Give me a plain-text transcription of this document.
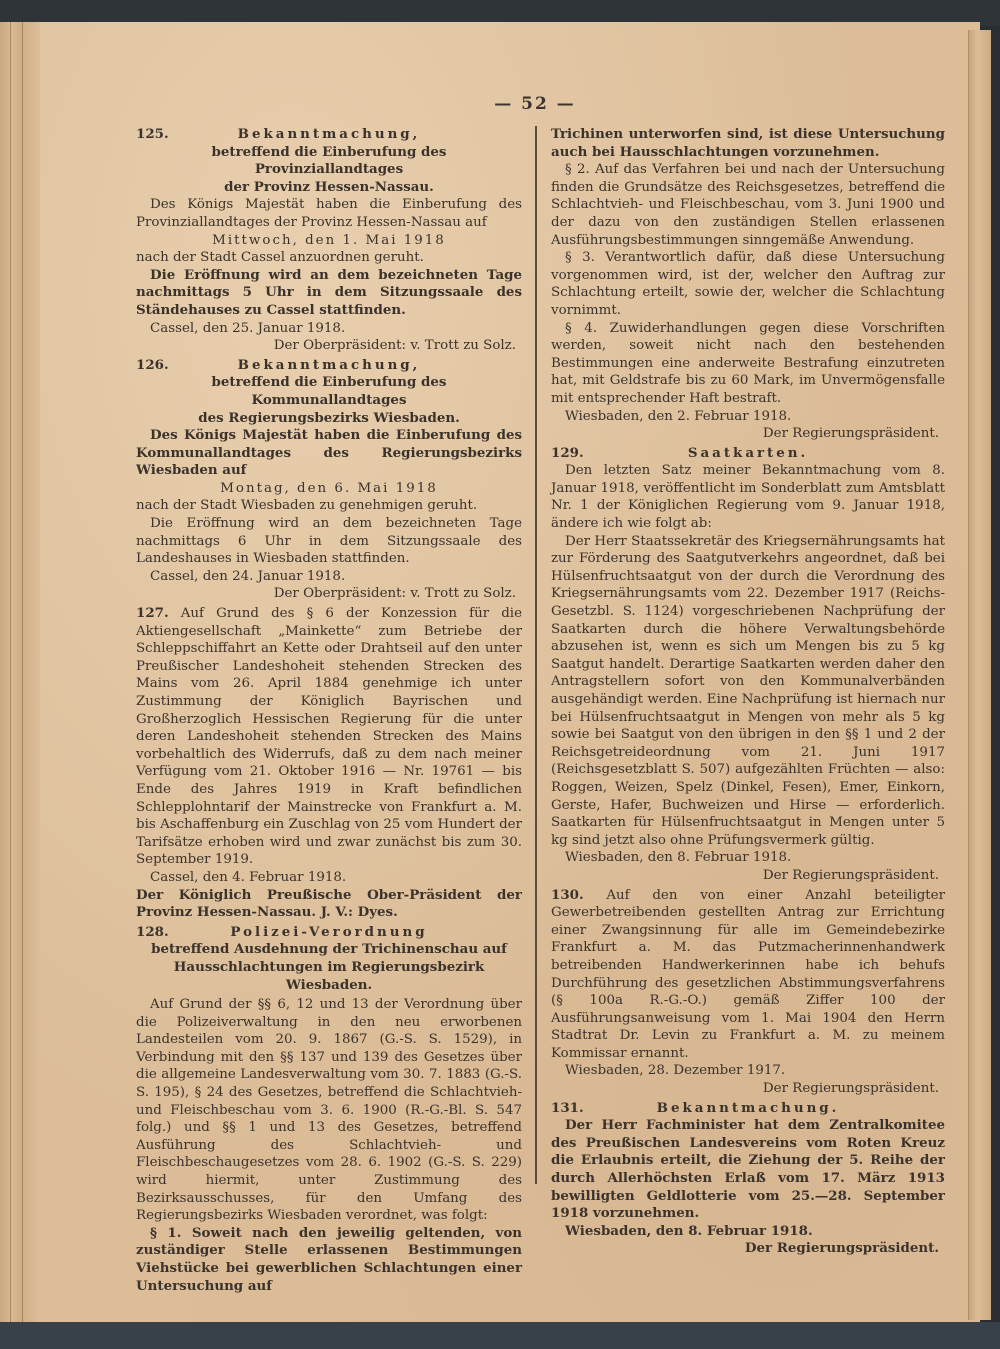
— 52 —
125.	Bekanntmachung,
betreffend die Einberufung des Provinziallandtages
der Provinz Hessen-Nassau.

Des Königs Majestät haben die Einberufung des Provinziallandtages der Provinz Hessen-Nassau auf

Mittwoch, den 1. Mai 1918

nach der Stadt Cassel anzuordnen geruht.

Die Eröffnung wird an dem bezeichneten Tage nachmittags 5 Uhr in dem Sitzungssaale des Ständehauses zu Cassel stattfinden.

Cassel, den 25. Januar 1918.

Der Oberpräsident: v. Trott zu Solz.

126.	Bekanntmachung,
betreffend die Einberufung des Kommunallandtages
des Regierungsbezirks Wiesbaden.

Des Königs Majestät haben die Einberufung des Kommunallandtages des Regierungsbezirks Wiesbaden auf

Montag, den 6. Mai 1918

nach der Stadt Wiesbaden zu genehmigen geruht.

Die Eröffnung wird an dem bezeichneten Tage nachmittags 6 Uhr in dem Sitzungssaale des Landeshauses in Wiesbaden stattfinden.

Cassel, den 24. Januar 1918.

Der Oberpräsident: v. Trott zu Solz.

127. Auf Grund des § 6 der Konzession für die Aktiengesellschaft „Mainkette“ zum Betriebe der Schleppschiffahrt an Kette oder Drahtseil auf den unter Preußischer Landeshoheit stehenden Strecken des Mains vom 26. April 1884 genehmige ich unter Zustimmung der Königlich Bayrischen und Großherzoglich Hessischen Regierung für die unter deren Landeshoheit stehenden Strecken des Mains vorbehaltlich des Widerrufs, daß zu dem nach meiner Verfügung vom 21. Oktober 1916 — Nr. 19761 — bis Ende des Jahres 1919 in Kraft befindlichen Schlepplohntarif der Mainstrecke von Frankfurt a. M. bis Aschaffenburg ein Zuschlag von 25 vom Hundert der Tarifsätze erhoben wird und zwar zunächst bis zum 30. September 1919.

Cassel, den 4. Februar 1918.

Der Königlich Preußische Ober-Präsident der Provinz Hessen-Nassau. J. V.: Dyes.

128.	Polizei-Verordnung
betreffend Ausdehnung der Trichinenschau auf Hausschlachtungen im Regierungsbezirk Wiesbaden.

Auf Grund der §§ 6, 12 und 13 der Verordnung über die Polizeiverwaltung in den neu erworbenen Landesteilen vom 20. 9. 1867 (G.-S. S. 1529), in Verbindung mit den §§ 137 und 139 des Gesetzes über die allgemeine Landesverwaltung vom 30. 7. 1883 (G.-S. S. 195), § 24 des Gesetzes, betreffend die Schlachtvieh- und Fleischbeschau vom 3. 6. 1900 (R.-G.-Bl. S. 547 folg.) und §§ 1 und 13 des Gesetzes, betreffend Ausführung des Schlachtvieh- und Fleischbeschaugesetzes vom 28. 6. 1902 (G.-S. S. 229) wird hiermit, unter Zustimmung des Bezirksausschusses, für den Umfang des Regierungsbezirks Wiesbaden verordnet, was folgt:

§ 1. Soweit nach den jeweilig geltenden, von zuständiger Stelle erlassenen Bestimmungen Viehstücke bei gewerblichen Schlachtungen einer Untersuchung auf

Trichinen unterworfen sind, ist diese Untersuchung auch bei Hausschlachtungen vorzunehmen.

§ 2. Auf das Verfahren bei und nach der Untersuchung finden die Grundsätze des Reichsgesetzes, betreffend die Schlachtvieh- und Fleischbeschau, vom 3. Juni 1900 und der dazu von den zuständigen Stellen erlassenen Ausführungsbestimmungen sinngemäße Anwendung.

§ 3. Verantwortlich dafür, daß diese Untersuchung vorgenommen wird, ist der, welcher den Auftrag zur Schlachtung erteilt, sowie der, welcher die Schlachtung vornimmt.

§ 4. Zuwiderhandlungen gegen diese Vorschriften werden, soweit nicht nach den bestehenden Bestimmungen eine anderweite Bestrafung einzutreten hat, mit Geldstrafe bis zu 60 Mark, im Unvermögensfalle mit entsprechender Haft bestraft.

Wiesbaden, den 2. Februar 1918.

Der Regierungspräsident.

129.	Saatkarten.

Den letzten Satz meiner Bekanntmachung vom 8. Januar 1918, veröffentlicht im Sonderblatt zum Amtsblatt Nr. 1 der Königlichen Regierung vom 9. Januar 1918, ändere ich wie folgt ab:

Der Herr Staatssekretär des Kriegsernährungsamts hat zur Förderung des Saatgutverkehrs angeordnet, daß bei Hülsenfruchtsaatgut von der durch die Verordnung des Kriegsernährungsamts vom 22. Dezember 1917 (Reichs-Gesetzbl. S. 1124) vorgeschriebenen Nachprüfung der Saatkarten durch die höhere Verwaltungsbehörde abzusehen ist, wenn es sich um Mengen bis zu 5 kg Saatgut handelt. Derartige Saatkarten werden daher den Antragstellern sofort von den Kommunalverbänden ausgehändigt werden. Eine Nachprüfung ist hiernach nur bei Hülsenfruchtsaatgut in Mengen von mehr als 5 kg sowie bei Saatgut von den übrigen in den §§ 1 und 2 der Reichsgetreideordnung vom 21. Juni 1917 (Reichsgesetzblatt S. 507) aufgezählten Früchten — also: Roggen, Weizen, Spelz (Dinkel, Fesen), Emer, Einkorn, Gerste, Hafer, Buchweizen und Hirse — erforderlich. Saatkarten für Hülsenfruchtsaatgut in Mengen unter 5 kg sind jetzt also ohne Prüfungsvermerk gültig.

Wiesbaden, den 8. Februar 1918.

Der Regierungspräsident.

130. Auf den von einer Anzahl beteiligter Gewerbetreibenden gestellten Antrag zur Errichtung einer Zwangsinnung für alle im Gemeindebezirke Frankfurt a. M. das Putzmacherinnenhandwerk betreibenden Handwerkerinnen habe ich behufs Durchführung des gesetzlichen Abstimmungsverfahrens (§ 100a R.-G.-O.) gemäß Ziffer 100 der Ausführungsanweisung vom 1. Mai 1904 den Herrn Stadtrat Dr. Levin zu Frankfurt a. M. zu meinem Kommissar ernannt.

Wiesbaden, 28. Dezember 1917.

Der Regierungspräsident.

131.	Bekanntmachung.

Der Herr Fachminister hat dem Zentralkomitee des Preußischen Landesvereins vom Roten Kreuz die Erlaubnis erteilt, die Ziehung der 5. Reihe der durch Allerhöchsten Erlaß vom 17. März 1913 bewilligten Geldlotterie vom 25.—28. September 1918 vorzunehmen.

Wiesbaden, den 8. Februar 1918.

Der Regierungspräsident.
